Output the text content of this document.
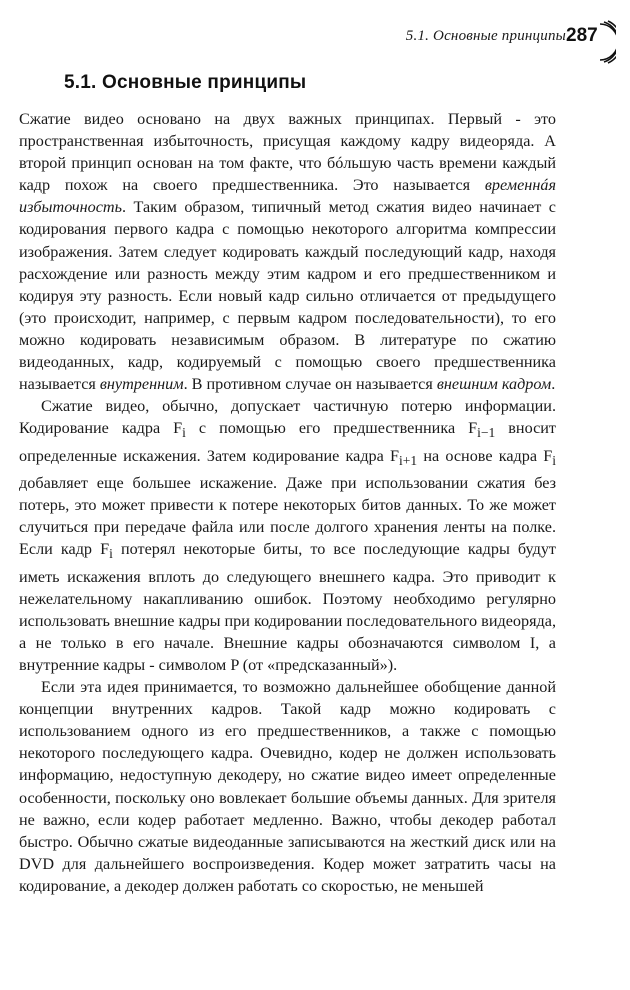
5.1. Основные принципы 287
5.1. Основные принципы

Сжатие видео основано на двух важных принципах. Первый - это пространственная избыточность, присущая каждому кадру видеоряда. А второй принцип основан на том факте, что бóльшую часть времени каждый кадр похож на своего предшественника. Это называется временнáя избыточность. Таким образом, типичный метод сжатия видео начинает с кодирования первого кадра с помощью некоторого алгоритма компрессии изображения. Затем следует кодировать каждый последующий кадр, находя расхождение или разность между этим кадром и его предшественником и кодируя эту разность. Если новый кадр сильно отличается от предыдущего (это происходит, например, с первым кадром последовательности), то его можно кодировать независимым образом. В литературе по сжатию видеоданных, кадр, кодируемый с помощью своего предшественника называется внутренним. В противном случае он называется внешним кадром.

Сжатие видео, обычно, допускает частичную потерю информации. Кодирование кадра $F_i$ с помощью его предшественника $F_{i-1}$ вносит определенные искажения. Затем кодирование кадра $F_{i+1}$ на основе кадра $F_i$ добавляет еще большее искажение. Даже при использовании сжатия без потерь, это может привести к потере некоторых битов данных. То же может случиться при передаче файла или после долгого хранения ленты на полке. Если кадр $F_i$ потерял некоторые биты, то все последующие кадры будут иметь искажения вплоть до следующего внешнего кадра. Это приводит к нежелательному накапливанию ошибок. Поэтому необходимо регулярно использовать внешние кадры при кодировании последовательного видеоряда, а не только в его начале. Внешние кадры обозначаются символом I, а внутренние кадры - символом P (от «предсказанный»).

Если эта идея принимается, то возможно дальнейшее обобщение данной концепции внутренних кадров. Такой кадр можно кодировать с использованием одного из его предшественников, а также с помощью некоторого последующего кадра. Очевидно, кодер не должен использовать информацию, недоступную декодеру, но сжатие видео имеет определенные особенности, поскольку оно вовлекает большие объемы данных. Для зрителя не важно, если кодер работает медленно. Важно, чтобы декодер работал быстро. Обычно сжатые видеоданные записываются на жесткий диск или на DVD для дальнейшего воспроизведения. Кодер может затратить часы на кодирование, а декодер должен работать со скоростью, не меньшей
